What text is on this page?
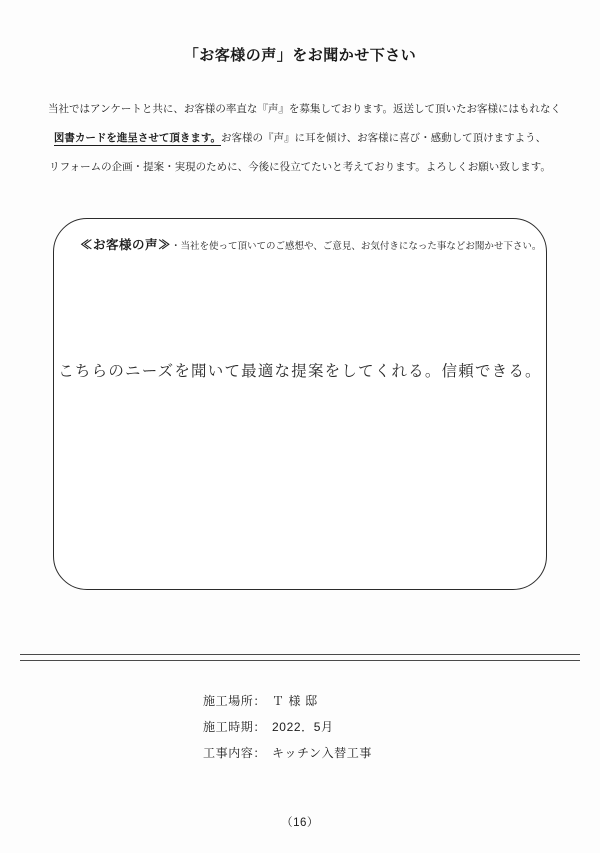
「お客様の声」をお聞かせ下さい
当社ではアンケートと共に、お客様の率直な『声』を募集しております。返送して頂いたお客様にはもれなく
図書カードを進呈させて頂きます。お客様の『声』に耳を傾け、お客様に喜び・感動して頂けますよう、
リフォームの企画・提案・実現のために、今後に役立てたいと考えております。よろしくお願い致します。
≪お客様の声≫・当社を使って頂いてのご感想や、ご意見、お気付きになった事などお聞かせ下さい。
こちらのニーズを聞いて最適な提案をしてくれる。信頼できる。
施工場所： Ｔ 様 邸
施工時期： 2022．5月
工事内容： キッチン入替工事
（16）
